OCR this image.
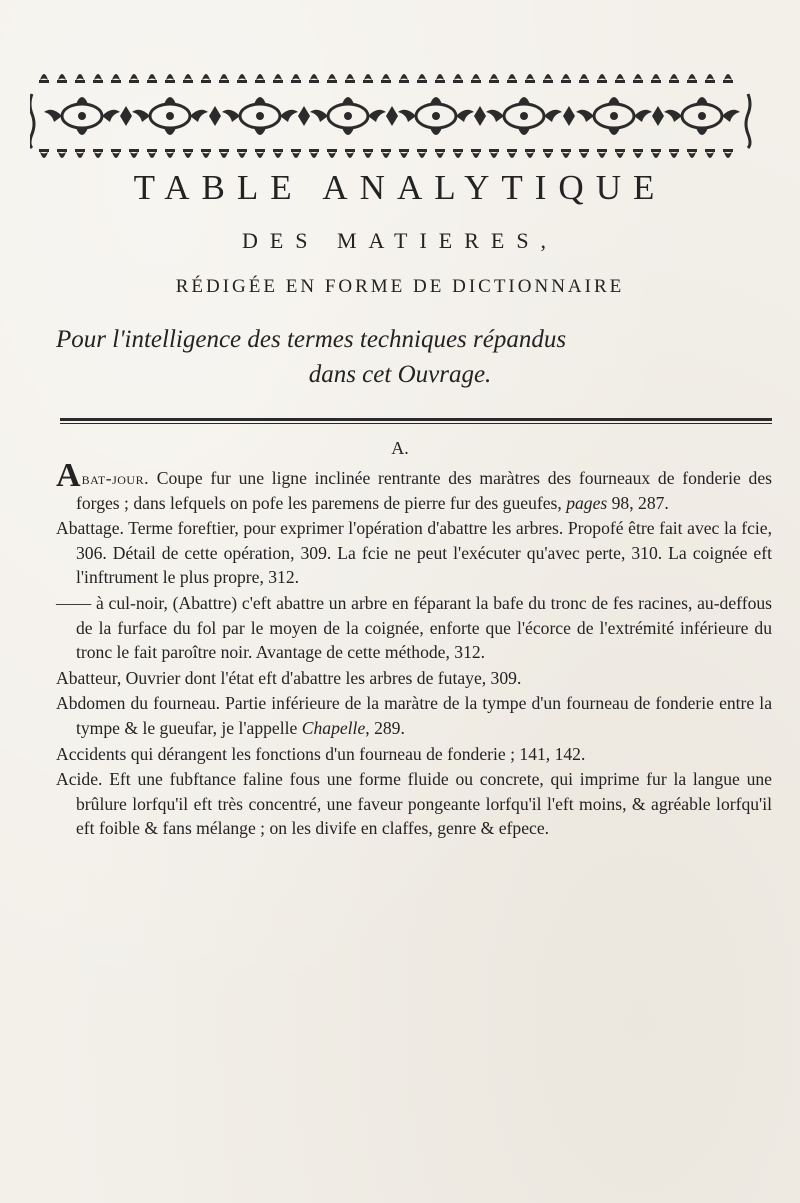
TABLE ANALYTIQUE
DES MATIERES,
RÉDIGÉE EN FORME DE DICTIONNAIRE
Pour l'intelligence des termes techniques répandus
dans cet Ouvrage.
A.

Abat-jour. Coupe fur une ligne inclinée rentrante des maràtres des fourneaux de fonderie des forges ; dans lefquels on pofe les paremens de pierre fur des gueufes, pages 98, 287.

Abattage. Terme foreftier, pour exprimer l'opération d'abattre les arbres. Propofé être fait avec la fcie, 306. Détail de cette opération, 309. La fcie ne peut l'exécuter qu'avec perte, 310. La coignée eft l'inftrument le plus propre, 312.

—— à cul-noir, (Abattre) c'eft abattre un arbre en féparant la bafe du tronc de fes racines, au-deffous de la furface du fol par le moyen de la coignée, enforte que l'écorce de l'extrémité inférieure du tronc le fait paroître noir. Avantage de cette méthode, 312.

Abatteur, Ouvrier dont l'état eft d'abattre les arbres de futaye, 309.

Abdomen du fourneau. Partie inférieure de la maràtre de la tympe d'un fourneau de fonderie entre la tympe & le gueufar, je l'appelle Chapelle, 289.

Accidents qui dérangent les fonctions d'un fourneau de fonderie ; 141, 142.

Acide. Eft une fubftance faline fous une forme fluide ou concrete, qui imprime fur la langue une brûlure lorfqu'il eft très concentré, une faveur pongeante lorfqu'il l'eft moins, & agréable lorfqu'il eft foible & fans mélange ; on les divife en claffes, genre & efpece.
